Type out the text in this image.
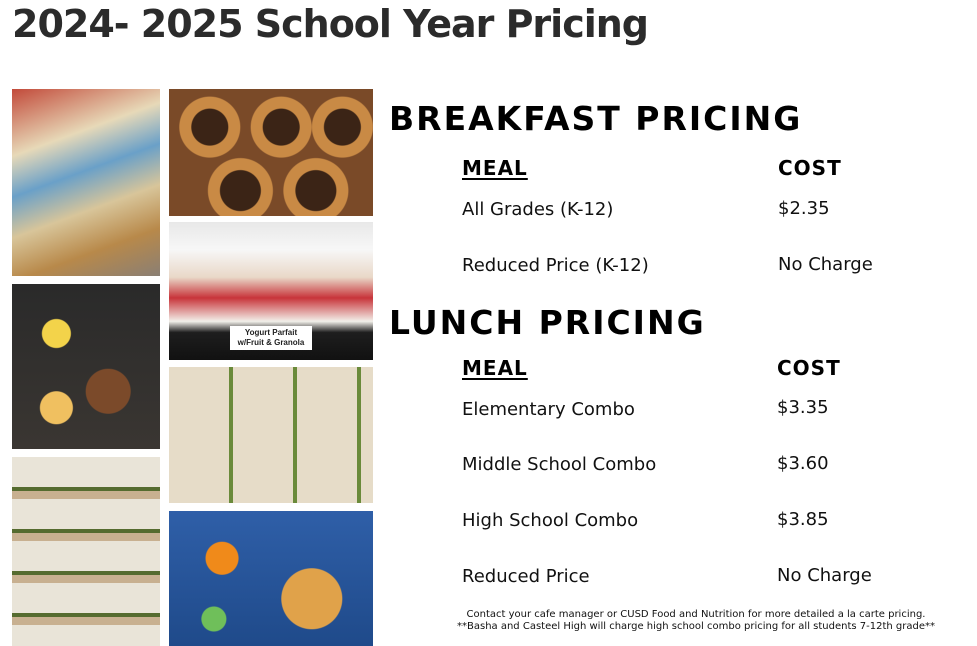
2024- 2025 School Year Pricing
Yogurt Parfait
w/Fruit & Granola
BREAKFAST PRICING
MEAL	COST
All Grades (K-12)	$2.35
Reduced Price (K-12)	No Charge
LUNCH PRICING
MEAL	COST
Elementary Combo	$3.35
Middle School Combo	$3.60
High School Combo	$3.85
Reduced Price	No Charge
Contact your cafe manager or CUSD Food and Nutrition for more detailed a la carte pricing.
**Basha and Casteel High will charge high school combo pricing for all students 7-12th grade**
